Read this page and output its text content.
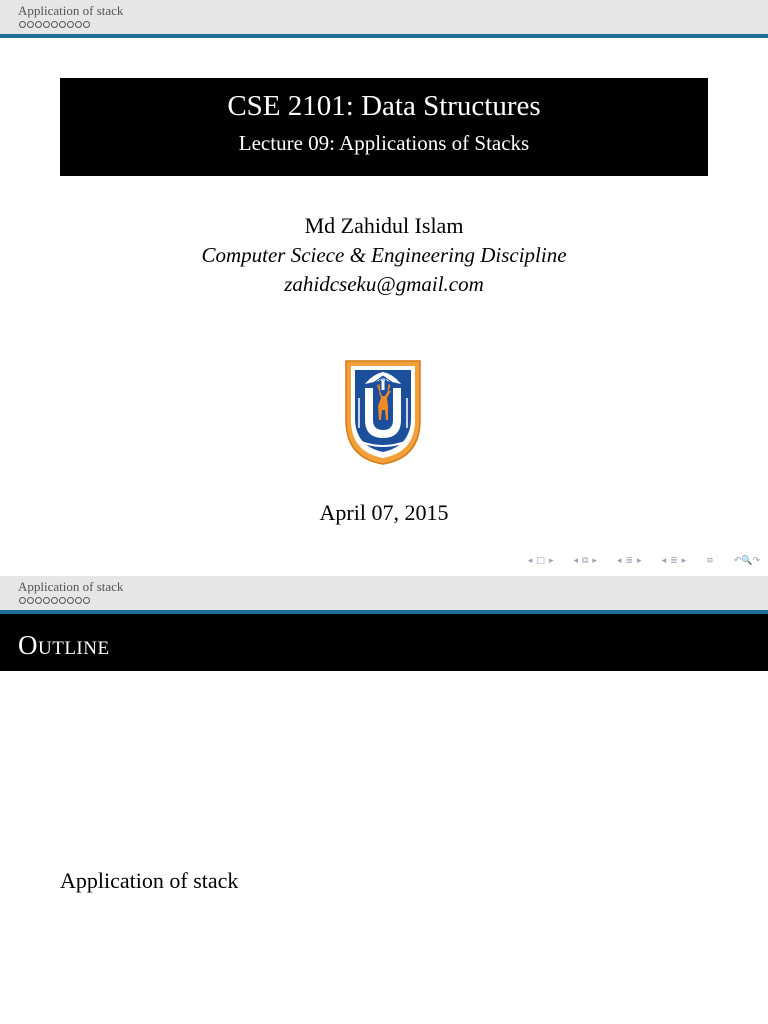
Application of stack
CSE 2101: Data Structures
Lecture 09: Applications of Stacks
Md Zahidul Islam
Computer Sciece & Engineering Discipline
zahidcseku@gmail.com
April 07, 2015
◂ □ ▸ ◂ ⧉ ▸ ◂ ≣ ▸ ◂ ≣ ▸ ≡ ↶🔍↷
Application of stack
Outline
Application of stack
